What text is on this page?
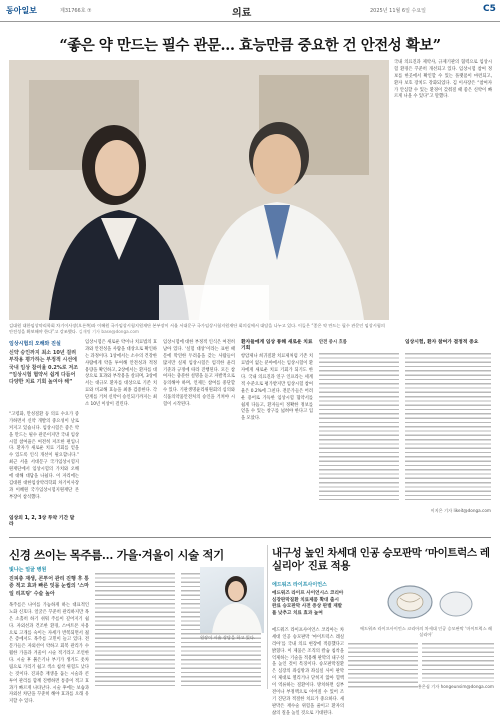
동아일보	제31766호 ⑦	의료	2025년 11월 6일 수요일	C5
“좋은 약 만드는 필수 관문… 효능만큼 중요한 건 안전성 확보”
김대원 대한임상약리학회 차기이사장(오른쪽)과 이혜원 국가임상시험지원재단 본부장이 서울 서대문구 국가임상시험지원재단 회의실에서 대담을 나누고 있다. 이들은 “좋은 약 만드는 필수 관문인 임상시험의 안전성을 확보해야 한다”고 강조했다. 김재명 기자 base@donga.com
국내 의료진과 제약사, 규제기관의 협력으로 임상시험 환경은 꾸준히 개선되고 있다. 임상시험 참여 정보를 한곳에서 확인할 수 있는 플랫폼이 마련되고, 환자 보호 장치도 강화되었다. 김 이사장은 “참여자가 안심할 수 있는 환경이 갖춰질 때 좋은 신약이 빠르게 나올 수 있다”고 말했다.
임상시험의 오해와 진실
신약 승인까지 최소 10년 걸려 부작용 평가하는 부정적 시선에 국내 임상 참여율 0.2%로 저조 “임상시험 협약서 쉽게 다듬어 다양한 치료 기회 높여야 해”
“고령화, 만성질환 등 의료 수요가 증가하면서 신약 개발의 중요성이 날로 커지고 있습니다. 임상시험은 좋은 약을 만드는 필수 관문이지만 국내 임상시험 참여율은 여전히 저조한 편입니다. 환자가 새로운 치료 기회를 얻을 수 있도록 인식 개선이 필요합니다.” 최근 서울 서대문구 국가임상시험지원재단에서 임상시험의 가치와 오해에 대해 대담을 나눴다. 이 자리에는 김대원 대한임상약리학회 차기이사장과 이혜원 국가임상시험지원재단 본부장이 참석했다.
임상의 1, 2, 3상 투약 기간 달라
임상시험은 새로운 약이나 치료법의 효과와 안전성을 사람을 대상으로 확인하는 과정이다. 1상에서는 소수의 건강한 사람에게 약을 투여해 안전성과 적정 용량을 확인하고, 2상에서는 환자를 대상으로 효과와 부작용을 살피며, 3상에서는 대규모 환자를 대상으로 기존 치료와 비교해 효능을 최종 검증한다. 각 단계를 거쳐 신약이 승인되기까지는 최소 10년 이상이 걸린다.
임상시험에 대한 부정적 인식은 여전히 남아 있다. ‘실험 대상’이라는 표현 때문에 막연한 두려움을 갖는 사람들이 많지만 실제 임상시험은 엄격한 윤리 기준과 규정에 따라 진행된다. 모든 참여자는 충분한 설명을 듣고 자발적으로 동의해야 하며, 언제든 참여를 중단할 수 있다. 기관생명윤리위원회의 심의와 식품의약품안전처의 승인을 거쳐야 시험이 시작된다.
환자들에게 임상 통해 새로운 치료 기회
항암제나 희귀질환 치료제처럼 기존 치료법이 없는 분야에서는 임상시험이 환자에게 새로운 치료 기회가 되기도 한다. 국내 의료진과 연구 인프라는 세계적 수준으로 평가받지만 임상시험 참여율은 0.2%에 그친다. 전문가들은 어려운 용어로 가득한 임상시험 협약서를 쉽게 다듬고, 환자들이 정확한 정보를 얻을 수 있는 창구를 넓혀야 한다고 입을 모았다.
안전 중시 흐름	임상시험, 환자 참여가 결정적 중요
이지은 기자 likeit@donga.com
신경 쓰이는 목주름… 가을·겨울이 시술 적기
빛나는 얼굴 병원
진피층 재생, 콘투어 관리 진행 후 통증 적고 효과 빠른 잇몸 눈썹의 ‘스마일 리프팅’ 수술 높아
목주름은 나이를 가늠하게 하는 대표적인 노화 신호다. 얼굴은 꾸준히 관리하지만 목은 소홀히 하기 쉬워 주름이 깊어지기 쉽다. 자외선과 건조한 환경, 스마트폰 사용으로 고개를 숙이는 자세가 반복되면서 젊은 층에서도 목주름 고민이 늘고 있다. 전문가들은 자외선이 약하고 회복 관리가 수월한 가을과 겨울이 시술 적기라고 조언한다. 시술 후 붉은기나 부기가 생겨도 옷차림으로 가리기 쉽고 색소 침착 위험도 낮다는 것이다. 진피층 재생을 돕는 시술과 콘투어 관리를 함께 진행하면 통증이 적고 효과가 빠르게 나타난다. 시술 후에는 보습과 자외선 차단을 꾸준히 해야 효과를 오래 유지할 수 있다.
원장이 시술 상담을 하고 있다.
내구성 높인 차세대 인공 승모판막 ‘마이트럭스 레실리아’ 진료 적용
에드워즈 라이프사이언스
에드워즈 라이프 사이언시스 코리아 심장판막질환 치료제품 확대 출시 완료 승모판막 사전 증상 판별 재발률 낮추고 치료 효과 높여
에드워즈 라이프사이언스 코리아는 차세대 인공 승모판막 ‘마이트럭스 레실리아’를 국내 의료 현장에 적용했다고 밝혔다. 이 제품은 조직의 칼슘 침착을 억제하는 기술을 적용해 판막의 내구성을 높인 것이 특징이다. 승모판막질환은 심장의 좌심방과 좌심실 사이 판막이 제대로 열리거나 닫히지 않아 혈액이 역류하는 질환이다. 방치하면 심부전이나 부정맥으로 이어질 수 있어 조기 진단과 적절한 치료가 중요하다. 새 판막은 재수술 위험을 줄이고 환자의 삶의 질을 높일 것으로 기대된다.
에드워즈 라이프사이언스 코리아의 차세대 인공 승모판막 ‘마이트럭스 레실리아’
홍은심 기자 hongeunsim@donga.com
